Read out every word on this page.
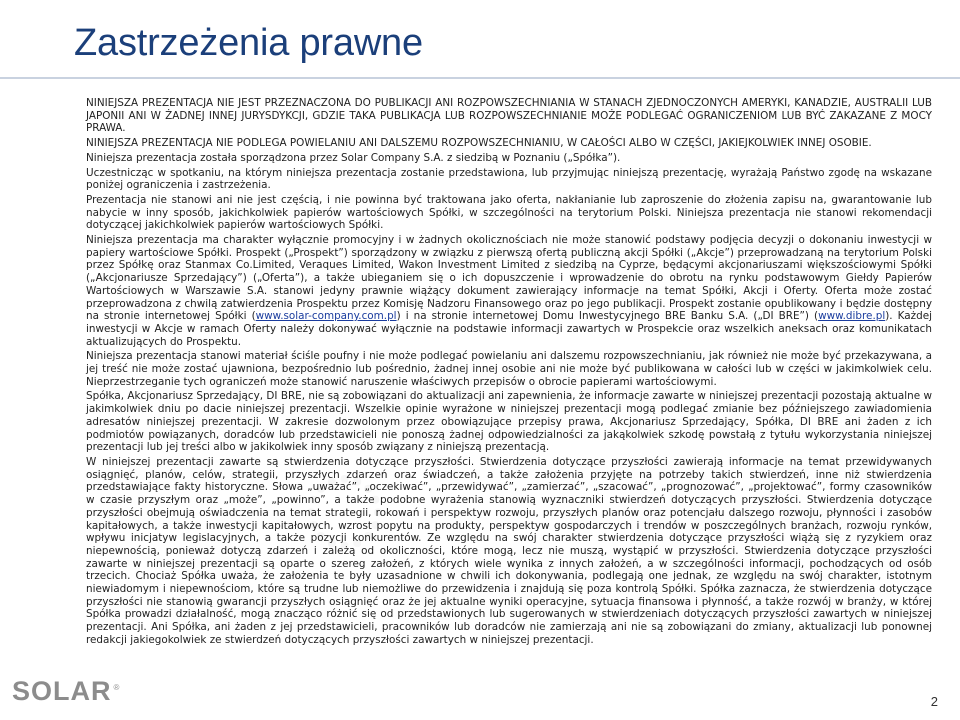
Zastrzeżenia prawne
◌

NINIEJSZA PREZENTACJA NIE JEST PRZEZNACZONA DO PUBLIKACJI ANI ROZPOWSZECHNIANIA W STANACH ZJEDNOCZONYCH AMERYKI, KANADZIE, AUSTRALII LUB JAPONII ANI W ŻADNEJ INNEJ JURYSDYKCJI, GDZIE TAKA PUBLIKACJA LUB ROZPOWSZECHNIANIE MOŻE PODLEGAĆ OGRANICZENIOM LUB BYĆ ZAKAZANE Z MOCY PRAWA.

NINIEJSZA PREZENTACJA NIE PODLEGA POWIELANIU ANI DALSZEMU ROZPOWSZECHNIANIU, W CAŁOŚCI ALBO W CZĘŚCI, JAKIEJKOLWIEK INNEJ OSOBIE.

Niniejsza prezentacja została sporządzona przez Solar Company S.A. z siedzibą w Poznaniu („Spółka”).

Uczestnicząc w spotkaniu, na którym niniejsza prezentacja zostanie przedstawiona, lub przyjmując niniejszą prezentację, wyrażają Państwo zgodę na wskazane poniżej ograniczenia i zastrzeżenia.

Prezentacja nie stanowi ani nie jest częścią, i nie powinna być traktowana jako oferta, nakłanianie lub zaproszenie do złożenia zapisu na, gwarantowanie lub nabycie w inny sposób, jakichkolwiek papierów wartościowych Spółki, w szczególności na terytorium Polski. Niniejsza prezentacja nie stanowi rekomendacji dotyczącej jakichkolwiek papierów wartościowych Spółki.

Niniejsza prezentacja ma charakter wyłącznie promocyjny i w żadnych okolicznościach nie może stanowić podstawy podjęcia decyzji o dokonaniu inwestycji w papiery wartościowe Spółki. Prospekt („Prospekt”) sporządzony w związku z pierwszą ofertą publiczną akcji Spółki („Akcje”) przeprowadzaną na terytorium Polski przez Spółkę oraz Stanmax Co.Limited, Veraques Limited, Wakon Investment Limited z siedzibą na Cyprze, będącymi akcjonariuszami większościowymi Spółki („Akcjonariusze Sprzedający”) („Oferta”), a także ubieganiem się o ich dopuszczenie i wprowadzenie do obrotu na rynku podstawowym Giełdy Papierów Wartościowych w Warszawie S.A. stanowi jedyny prawnie wiążący dokument zawierający informacje na temat Spółki, Akcji i Oferty. Oferta może zostać przeprowadzona z chwilą zatwierdzenia Prospektu przez Komisję Nadzoru Finansowego oraz po jego publikacji. Prospekt zostanie opublikowany i będzie dostępny na stronie internetowej Spółki (www.solar-company.com.pl) i na stronie internetowej Domu Inwestycyjnego BRE Banku S.A. („DI BRE”) (www.dibre.pl). Każdej inwestycji w Akcje w ramach Oferty należy dokonywać wyłącznie na podstawie informacji zawartych w Prospekcie oraz wszelkich aneksach oraz komunikatach aktualizujących do Prospektu.

Niniejsza prezentacja stanowi materiał ściśle poufny i nie może podlegać powielaniu ani dalszemu rozpowszechnianiu, jak również nie może być przekazywana, a jej treść nie może zostać ujawniona, bezpośrednio lub pośrednio, żadnej innej osobie ani nie może być publikowana w całości lub w części w jakimkolwiek celu. Nieprzestrzeganie tych ograniczeń może stanowić naruszenie właściwych przepisów o obrocie papierami wartościowymi.

Spółka, Akcjonariusz Sprzedający, DI BRE, nie są zobowiązani do aktualizacji ani zapewnienia, że informacje zawarte w niniejszej prezentacji pozostają aktualne w jakimkolwiek dniu po dacie niniejszej prezentacji. Wszelkie opinie wyrażone w niniejszej prezentacji mogą podlegać zmianie bez późniejszego zawiadomienia adresatów niniejszej prezentacji. W zakresie dozwolonym przez obowiązujące przepisy prawa, Akcjonariusz Sprzedający, Spółka, DI BRE ani żaden z ich podmiotów powiązanych, doradców lub przedstawicieli nie ponoszą żadnej odpowiedzialności za jakąkolwiek szkodę powstałą z tytułu wykorzystania niniejszej prezentacji lub jej treści albo w jakikolwiek inny sposób związany z niniejszą prezentacją.

W niniejszej prezentacji zawarte są stwierdzenia dotyczące przyszłości. Stwierdzenia dotyczące przyszłości zawierają informacje na temat przewidywanych osiągnięć, planów, celów, strategii, przyszłych zdarzeń oraz świadczeń, a także założenia przyjęte na potrzeby takich stwierdzeń, inne niż stwierdzenia przedstawiające fakty historyczne. Słowa „uważać”, „oczekiwać”, „przewidywać”, „zamierzać”, „szacować”, „prognozować”, „projektować”, formy czasowników w czasie przyszłym oraz „może”, „powinno”, a także podobne wyrażenia stanowią wyznaczniki stwierdzeń dotyczących przyszłości. Stwierdzenia dotyczące przyszłości obejmują oświadczenia na temat strategii, rokowań i perspektyw rozwoju, przyszłych planów oraz potencjału dalszego rozwoju, płynności i zasobów kapitałowych, a także inwestycji kapitałowych, wzrost popytu na produkty, perspektyw gospodarczych i trendów w poszczególnych branżach, rozwoju rynków, wpływu inicjatyw legislacyjnych, a także pozycji konkurentów. Ze względu na swój charakter stwierdzenia dotyczące przyszłości wiążą się z ryzykiem oraz niepewnością, ponieważ dotyczą zdarzeń i zależą od okoliczności, które mogą, lecz nie muszą, wystąpić w przyszłości. Stwierdzenia dotyczące przyszłości zawarte w niniejszej prezentacji są oparte o szereg założeń, z których wiele wynika z innych założeń, a w szczególności informacji, pochodzących od osób trzecich. Chociaż Spółka uważa, że założenia te były uzasadnione w chwili ich dokonywania, podlegają one jednak, ze względu na swój charakter, istotnym niewiadomym i niepewnościom, które są trudne lub niemożliwe do przewidzenia i znajdują się poza kontrolą Spółki. Spółka zaznacza, że stwierdzenia dotyczące przyszłości nie stanowią gwarancji przyszłych osiągnięć oraz że jej aktualne wyniki operacyjne, sytuacja finansowa i płynność, a także rozwój w branży, w której Spółka prowadzi działalność, mogą znacząco różnić się od przedstawionych lub sugerowanych w stwierdzeniach dotyczących przyszłości zawartych w niniejszej prezentacji. Ani Spółka, ani żaden z jej przedstawicieli, pracowników lub doradców nie zamierzają ani nie są zobowiązani do zmiany, aktualizacji lub ponownej redakcji jakiegokolwiek ze stwierdzeń dotyczących przyszłości zawartych w niniejszej prezentacji.

SOLAR ®
2
